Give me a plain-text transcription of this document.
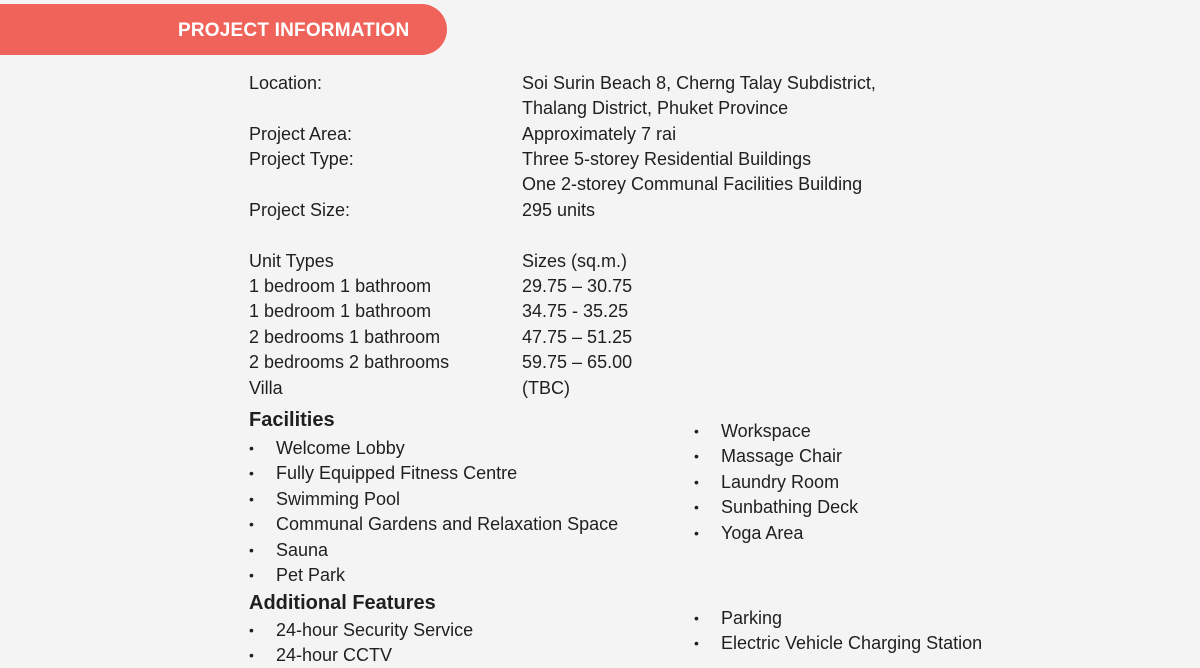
PROJECT INFORMATION
Location:	Soi Surin Beach 8, Cherng Talay Subdistrict,
Thalang District, Phuket Province
Project Area:	Approximately 7 rai
Project Type:	Three 5-storey Residential Buildings
One 2-storey Communal Facilities Building
Project Size:	295 units
Unit Types	Sizes (sq.m.)
1 bedroom 1 bathroom	29.75 – 30.75
1 bedroom 1 bathroom	34.75 - 35.25
2 bedrooms 1 bathroom	47.75 – 51.25
2 bedrooms 2 bathrooms	59.75 – 65.00
Villa	(TBC)
Facilities
• Welcome Lobby
• Fully Equipped Fitness Centre
• Swimming Pool
• Communal Gardens and Relaxation Space
• Sauna
• Pet Park
• Workspace
• Massage Chair
• Laundry Room
• Sunbathing Deck
• Yoga Area
Additional Features
• 24-hour Security Service
• 24-hour CCTV
• Parking
• Electric Vehicle Charging Station
